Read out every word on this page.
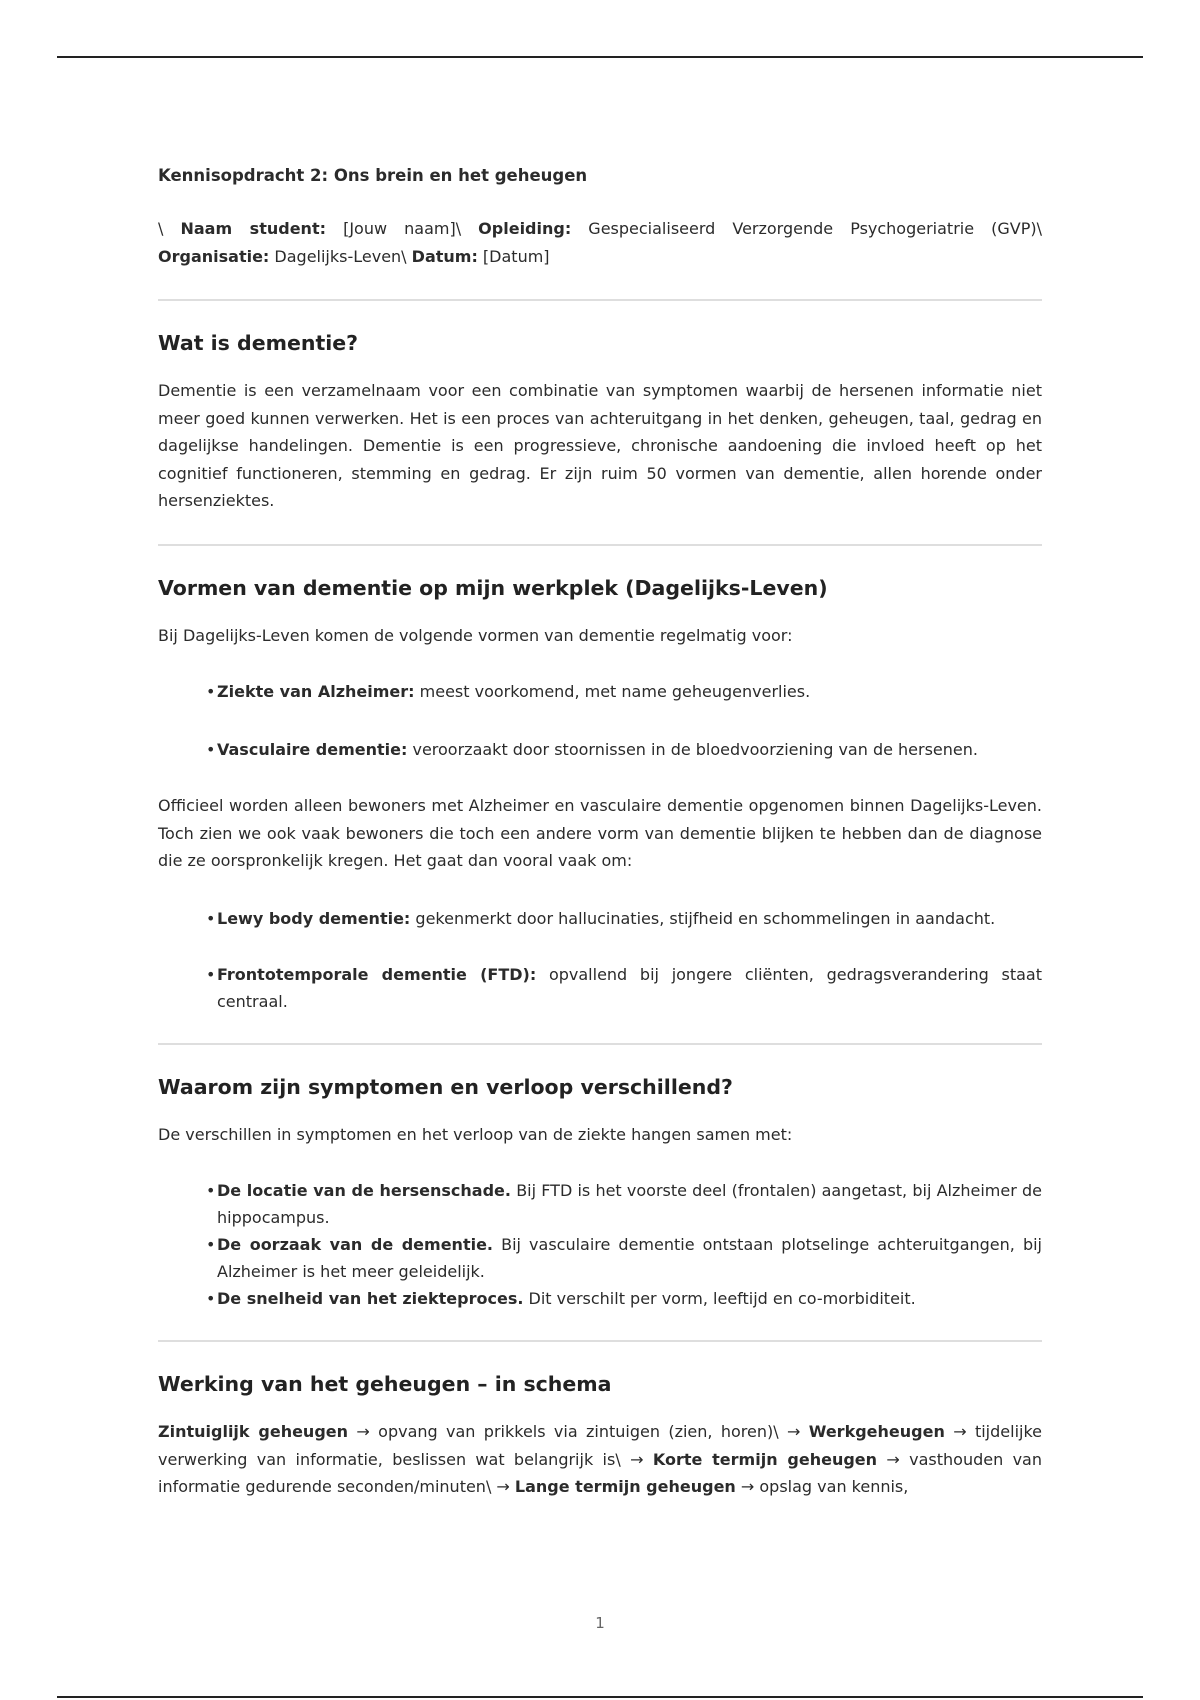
Kennisopdracht 2: Ons brein en het geheugen
\ Naam student: [Jouw naam]\ Opleiding: Gespecialiseerd Verzorgende Psychogeriatrie (GVP)\ Organisatie: Dagelijks-Leven\ Datum: [Datum]
Wat is dementie?

Dementie is een verzamelnaam voor een combinatie van symptomen waarbij de hersenen informatie niet meer goed kunnen verwerken. Het is een proces van achteruitgang in het denken, geheugen, taal, gedrag en dagelijkse handelingen. Dementie is een progressieve, chronische aandoening die invloed heeft op het cognitief functioneren, stemming en gedrag. Er zijn ruim 50 vormen van dementie, allen horende onder hersenziektes.

Vormen van dementie op mijn werkplek (Dagelijks-Leven)

Bij Dagelijks-Leven komen de volgende vormen van dementie regelmatig voor:

• Ziekte van Alzheimer: meest voorkomend, met name geheugenverlies.
• Vasculaire dementie: veroorzaakt door stoornissen in de bloedvoorziening van de hersenen.

Officieel worden alleen bewoners met Alzheimer en vasculaire dementie opgenomen binnen Dagelijks-Leven. Toch zien we ook vaak bewoners die toch een andere vorm van dementie blijken te hebben dan de diagnose die ze oorspronkelijk kregen. Het gaat dan vooral vaak om:

• Lewy body dementie: gekenmerkt door hallucinaties, stijfheid en schommelingen in aandacht.
• Frontotemporale dementie (FTD): opvallend bij jongere cliënten, gedragsverandering staat centraal.
Waarom zijn symptomen en verloop verschillend?

De verschillen in symptomen en het verloop van de ziekte hangen samen met:

• De locatie van de hersenschade. Bij FTD is het voorste deel (frontalen) aangetast, bij Alzheimer de hippocampus.
• De oorzaak van de dementie. Bij vasculaire dementie ontstaan plotselinge achteruitgangen, bij Alzheimer is het meer geleidelijk.
• De snelheid van het ziekteproces. Dit verschilt per vorm, leeftijd en co-morbiditeit.
Werking van het geheugen – in schema

Zintuiglijk geheugen → opvang van prikkels via zintuigen (zien, horen)\ → Werkgeheugen → tijdelijke verwerking van informatie, beslissen wat belangrijk is\ → Korte termijn geheugen → vasthouden van informatie gedurende seconden/minuten\ → Lange termijn geheugen → opslag van kennis,

1
